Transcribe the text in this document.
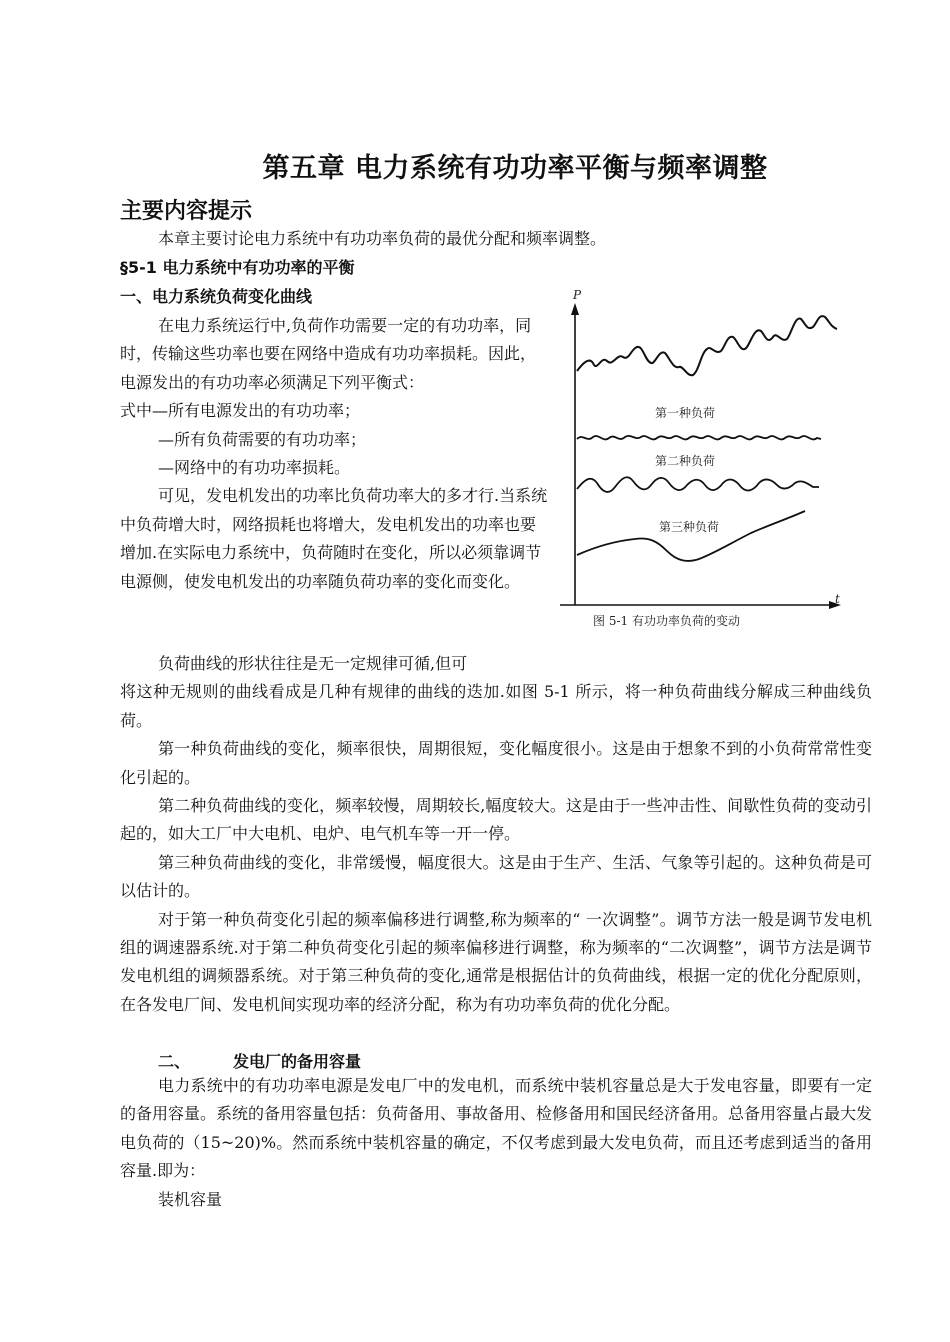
第五章 电力系统有功功率平衡与频率调整
主要内容提示
本章主要讨论电力系统中有功功率负荷的最优分配和频率调整。
§5-1 电力系统中有功功率的平衡
一、电力系统负荷变化曲线

在电力系统运行中,负荷作功需要一定的有功功率，同时，传输这些功率也要在网络中造成有功功率损耗。因此，电源发出的有功功率必须满足下列平衡式：

式中—所有电源发出的有功功率；

—所有负荷需要的有功功率；

—网络中的有功功率损耗。

可见，发电机发出的功率比负荷功率大的多才行.当系统中负荷增大时，网络损耗也将增大，发电机发出的功率也要增加.在实际电力系统中，负荷随时在变化，所以必须靠调节电源侧，使发电机发出的功率随负荷功率的变化而变化。

P
t
第一种负荷
第二种负荷
第三种负荷
图 5-1 有功功率负荷的变动

负荷曲线的形状往往是无一定规律可循,但可

将这种无规则的曲线看成是几种有规律的曲线的迭加.如图 5-1 所示，将一种负荷曲线分解成三种曲线负荷。

第一种负荷曲线的变化，频率很快，周期很短，变化幅度很小。这是由于想象不到的小负荷常常性变化引起的。

第二种负荷曲线的变化，频率较慢，周期较长,幅度较大。这是由于一些冲击性、间歇性负荷的变动引起的，如大工厂中大电机、电炉、电气机车等一开一停。

第三种负荷曲线的变化，非常缓慢，幅度很大。这是由于生产、生活、气象等引起的。这种负荷是可以估计的。

对于第一种负荷变化引起的频率偏移进行调整,称为频率的“ 一次调整”。调节方法一般是调节发电机组的调速器系统.对于第二种负荷变化引起的频率偏移进行调整，称为频率的“二次调整”，调节方法是调节发电机组的调频器系统。对于第三种负荷的变化,通常是根据估计的负荷曲线，根据一定的优化分配原则，在各发电厂间、发电机间实现功率的经济分配，称为有功功率负荷的优化分配。

二、	发电厂的备用容量

电力系统中的有功功率电源是发电厂中的发电机，而系统中装机容量总是大于发电容量，即要有一定的备用容量。系统的备用容量包括：负荷备用、事故备用、检修备用和国民经济备用。总备用容量占最大发电负荷的（15~20)%。然而系统中装机容量的确定，不仅考虑到最大发电负荷，而且还考虑到适当的备用容量.即为：

装机容量
